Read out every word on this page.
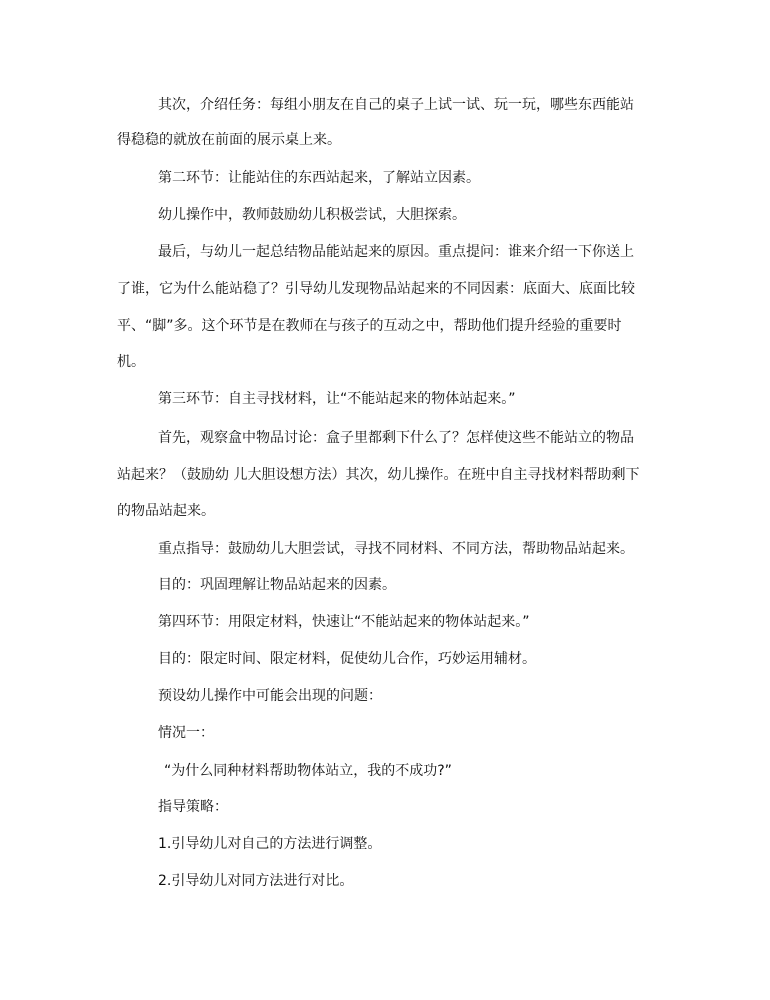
其次，介绍任务：每组小朋友在自己的桌子上试一试、玩一玩，哪些东西能站

得稳稳的就放在前面的展示桌上来。

第二环节：让能站住的东西站起来，了解站立因素。

幼儿操作中，教师鼓励幼儿积极尝试，大胆探索。

最后，与幼儿一起总结物品能站起来的原因。重点提问：谁来介绍一下你送上

了谁，它为什么能站稳了？引导幼儿发现物品站起来的不同因素：底面大、底面比较

平、“脚”多。这个环节是在教师在与孩子的互动之中，帮助他们提升经验的重要时

机。

第三环节：自主寻找材料，让“不能站起来的物体站起来。”

首先，观察盒中物品讨论：盒子里都剩下什么了？怎样使这些不能站立的物品

站起来？（鼓励幼 儿大胆设想方法）其次，幼儿操作。在班中自主寻找材料帮助剩下

的物品站起来。

重点指导：鼓励幼儿大胆尝试，寻找不同材料、不同方法，帮助物品站起来。

目的：巩固理解让物品站起来的因素。

第四环节：用限定材料，快速让“不能站起来的物体站起来。”

目的：限定时间、限定材料，促使幼儿合作，巧妙运用辅材。

预设幼儿操作中可能会出现的问题：

情况一：

“为什么同种材料帮助物体站立，我的不成功?”

指导策略：

1.引导幼儿对自己的方法进行调整。

2.引导幼儿对同方法进行对比。
